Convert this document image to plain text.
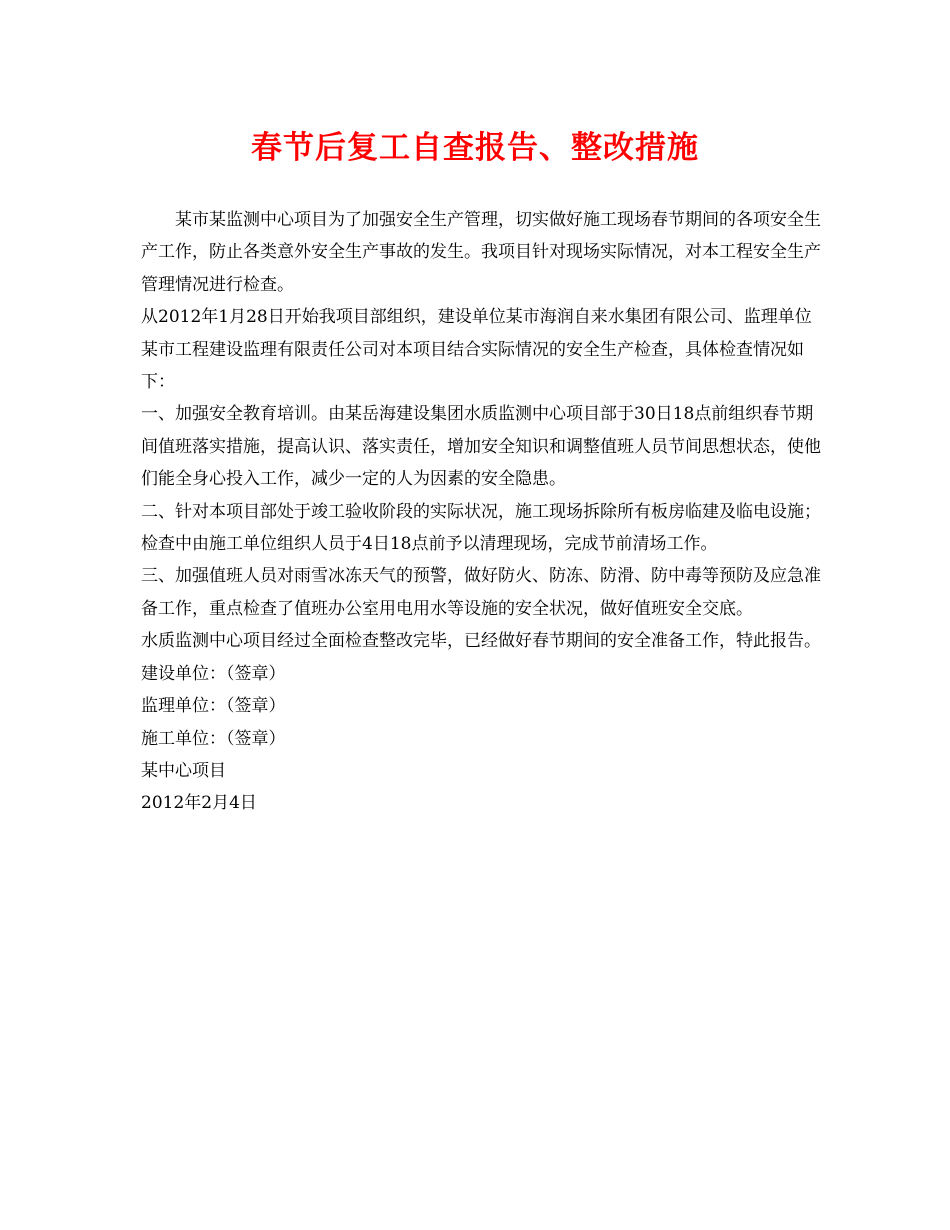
春节后复工自查报告、整改措施

某市某监测中心项目为了加强安全生产管理，切实做好施工现场春节期间的各项安全生产工作，防止各类意外安全生产事故的发生。我项目针对现场实际情况，对本工程安全生产管理情况进行检查。

从2012年1月28日开始我项目部组织，建设单位某市海润自来水集团有限公司、监理单位某市工程建设监理有限责任公司对本项目结合实际情况的安全生产检查，具体检查情况如下：

一、加强安全教育培训。由某岳海建设集团水质监测中心项目部于30日18点前组织春节期间值班落实措施，提高认识、落实责任，增加安全知识和调整值班人员节间思想状态，使他们能全身心投入工作，减少一定的人为因素的安全隐患。

二、针对本项目部处于竣工验收阶段的实际状况，施工现场拆除所有板房临建及临电设施；检查中由施工单位组织人员于4日18点前予以清理现场，完成节前清场工作。

三、加强值班人员对雨雪冰冻天气的预警，做好防火、防冻、防滑、防中毒等预防及应急准备工作，重点检查了值班办公室用电用水等设施的安全状况，做好值班安全交底。

水质监测中心项目经过全面检查整改完毕，已经做好春节期间的安全准备工作，特此报告。

建设单位：（签章）

监理单位：（签章）

施工单位：（签章）

某中心项目

2012年2月4日
